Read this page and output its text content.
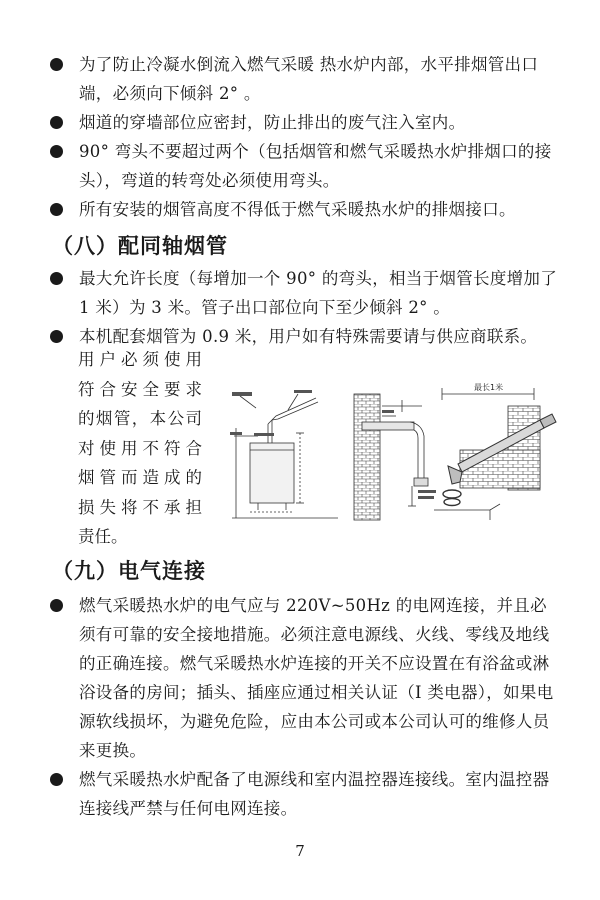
为了防止冷凝水倒流入燃气采暖 热水炉内部，水平排烟管出口端，必须向下倾斜 2° 。
烟道的穿墙部位应密封，防止排出的废气注入室内。
90° 弯头不要超过两个（包括烟管和燃气采暖热水炉排烟口的接头），弯道的转弯处必须使用弯头。
所有安装的烟管高度不得低于燃气采暖热水炉的排烟接口。
（八）配同轴烟管
最大允许长度（每增加一个 90° 的弯头，相当于烟管长度增加了 1 米）为 3 米。管子出口部位向下至少倾斜 2° 。
本机配套烟管为 0.9 米，用户如有特殊需要请与供应商联系。
用户必须使用
符合安全要求
的烟管，本公司
对使用不符合
烟管而造成的
损失将不承担
责任。
最长1米
（九）电气连接
燃气采暖热水炉的电气应与 220V~50Hz 的电网连接，并且必须有可靠的安全接地措施。必须注意电源线、火线、零线及地线的正确连接。燃气采暖热水炉连接的开关不应设置在有浴盆或淋浴设备的房间；插头、插座应通过相关认证（I 类电器），如果电源软线损坏，为避免危险，应由本公司或本公司认可的维修人员来更换。
燃气采暖热水炉配备了电源线和室内温控器连接线。室内温控器连接线严禁与任何电网连接。
7
